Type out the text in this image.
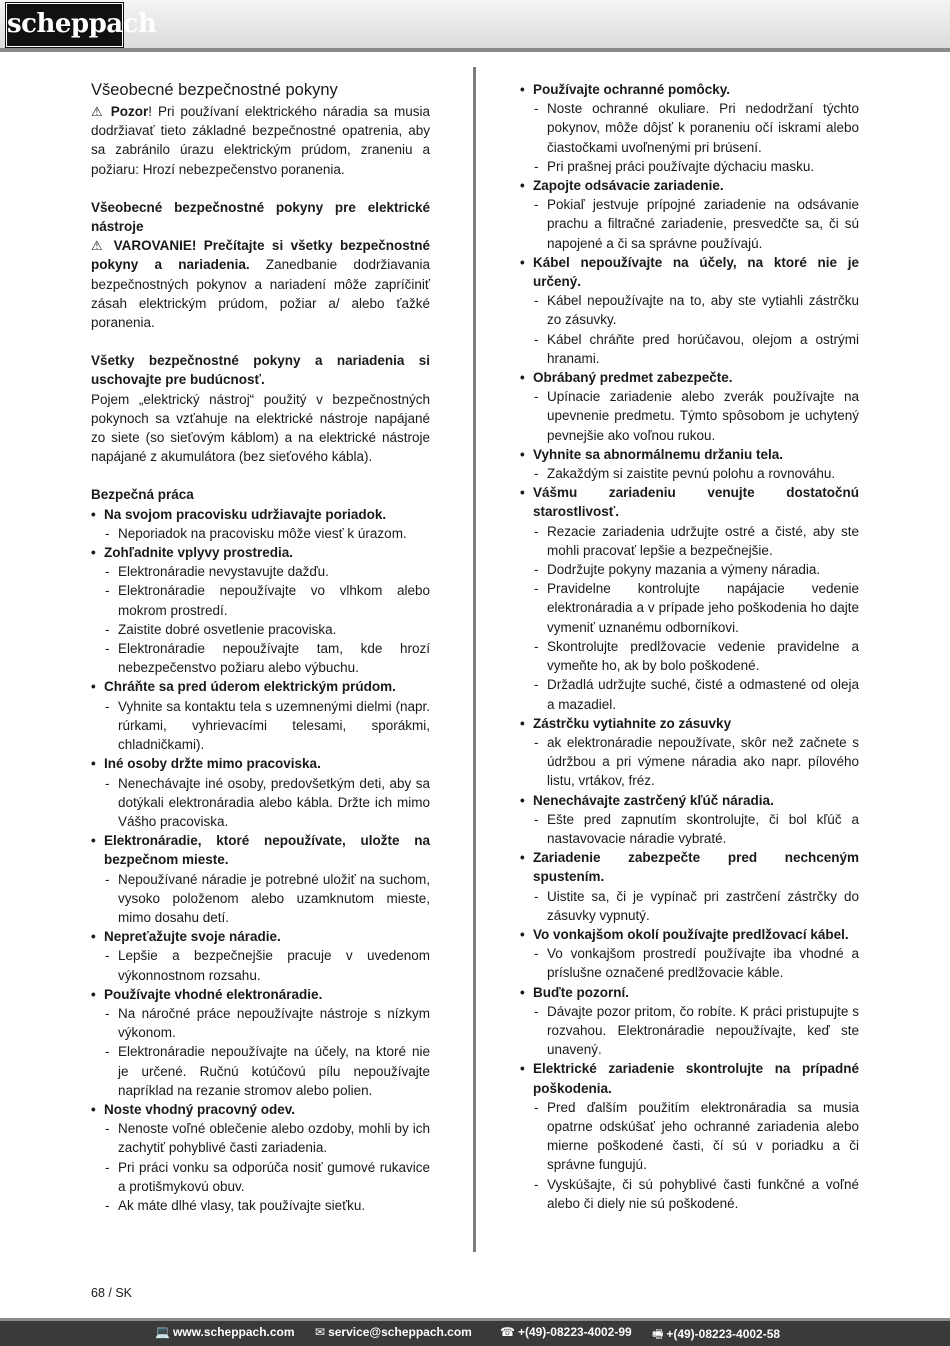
scheppach
Všeobecné bezpečnostné pokyny

⚠ Pozor! Pri používaní elektrického náradia sa musia dodržiavať tieto základné bezpečnostné opatrenia, aby sa zabránilo úrazu elektrickým prúdom, zraneniu a požiaru: Hrozí nebezpečenstvo poranenia.

Všeobecné bezpečnostné pokyny pre elektrické nástroje

⚠ VAROVANIE! Prečítajte si všetky bezpečnostné pokyny a nariadenia. Zanedbanie dodržiavania bezpečnostných pokynov a nariadení môže zapríčiniť zásah elektrickým prúdom, požiar a/ alebo ťažké poranenia.

Všetky bezpečnostné pokyny a nariadenia si uschovajte pre budúcnosť.

Pojem „elektrický nástroj“ použitý v bezpečnostných pokynoch sa vzťahuje na elektrické nástroje napájané zo siete (so sieťovým káblom) a na elektrické nástroje napájané z akumulátora (bez sieťového kábla).

Bezpečná práca

• Na svojom pracovisku udržiavajte poriadok.
- Neporiadok na pracovisku môže viesť k úrazom.
• Zohľadnite vplyvy prostredia.
- Elektronáradie nevystavujte dažďu.
- Elektronáradie nepoužívajte vo vlhkom alebo mokrom prostredí.
- Zaistite dobré osvetlenie pracoviska.
- Elektronáradie nepoužívajte tam, kde hrozí nebezpečenstvo požiaru alebo výbuchu.
• Chráňte sa pred úderom elektrickým prúdom.
- Vyhnite sa kontaktu tela s uzemnenými dielmi (napr. rúrkami, vyhrievacími telesami, sporákmi, chladničkami).
• Iné osoby držte mimo pracoviska.
- Nenechávajte iné osoby, predovšetkým deti, aby sa dotýkali elektronáradia alebo kábla. Držte ich mimo Vášho pracoviska.
• Elektronáradie, ktoré nepoužívate, uložte na bezpečnom mieste.
- Nepoužívané náradie je potrebné uložiť na suchom, vysoko položenom alebo uzamknutom mieste, mimo dosahu detí.
• Nepreťažujte svoje náradie.
- Lepšie a bezpečnejšie pracuje v uvedenom výkonnostnom rozsahu.
• Používajte vhodné elektronáradie.
- Na náročné práce nepoužívajte nástroje s nízkym výkonom.
- Elektronáradie nepoužívajte na účely, na ktoré nie je určené. Ručnú kotúčovú pílu nepoužívajte napríklad na rezanie stromov alebo polien.
• Noste vhodný pracovný odev.
- Nenoste voľné oblečenie alebo ozdoby, mohli by ich zachytiť pohyblivé časti zariadenia.
- Pri práci vonku sa odporúča nosiť gumové rukavice a protišmykovú obuv.
- Ak máte dlhé vlasy, tak používajte sieťku.
• Používajte ochranné pomôcky.
- Noste ochranné okuliare. Pri nedodržaní týchto pokynov, môže dôjsť k poraneniu očí iskrami alebo čiastočkami uvoľnenými pri brúsení.
- Pri prašnej práci používajte dýchaciu masku.
• Zapojte odsávacie zariadenie.
- Pokiaľ jestvuje prípojné zariadenie na odsávanie prachu a filtračné zariadenie, presvedčte sa, či sú napojené a či sa správne používajú.
• Kábel nepoužívajte na účely, na ktoré nie je určený.
- Kábel nepoužívajte na to, aby ste vytiahli zástrčku zo zásuvky.
- Kábel chráňte pred horúčavou, olejom a ostrými hranami.
• Obrábaný predmet zabezpečte.
- Upínacie zariadenie alebo zverák používajte na upevnenie predmetu. Týmto spôsobom je uchytený pevnejšie ako voľnou rukou.
• Vyhnite sa abnormálnemu držaniu tela.
- Zakaždým si zaistite pevnú polohu a rovnováhu.
• Vášmu zariadeniu venujte dostatočnú starostlivosť.
- Rezacie zariadenia udržujte ostré a čisté, aby ste mohli pracovať lepšie a bezpečnejšie.
- Dodržujte pokyny mazania a výmeny náradia.
- Pravidelne kontrolujte napájacie vedenie elektronáradia a v prípade jeho poškodenia ho dajte vymeniť uznanému odborníkovi.
- Skontrolujte predlžovacie vedenie pravidelne a vymeňte ho, ak by bolo poškodené.
- Držadlá udržujte suché, čisté a odmastené od oleja a mazadiel.
• Zástrčku vytiahnite zo zásuvky
- ak elektronáradie nepoužívate, skôr než začnete s údržbou a pri výmene náradia ako napr. pílového listu, vrtákov, fréz.
• Nenechávajte zastrčený kľúč náradia.
- Ešte pred zapnutím skontrolujte, či bol kľúč a nastavovacie náradie vybraté.
• Zariadenie zabezpečte pred nechceným spustením.
- Uistite sa, či je vypínač pri zastrčení zástrčky do zásuvky vypnutý.
• Vo vonkajšom okolí používajte predlžovací kábel.
- Vo vonkajšom prostredí používajte iba vhodné a príslušne označené predlžovacie káble.
• Buďte pozorní.
- Dávajte pozor pritom, čo robíte. K práci pristupujte s rozvahou. Elektronáradie nepoužívajte, keď ste unavený.
• Elektrické zariadenie skontrolujte na prípadné poškodenia.
- Pred ďalším použitím elektronáradia sa musia opatrne odskúšať jeho ochranné zariadenia alebo mierne poškodené časti, čí sú v poriadku a či správne fungujú.
- Vyskúšajte, či sú pohyblivé časti funkčné a voľné alebo či diely nie sú poškodené.
68 / SK
💻 www.scheppach.com ✉ service@scheppach.com ☎ +(49)-08223-4002-99 🖷 +(49)-08223-4002-58
